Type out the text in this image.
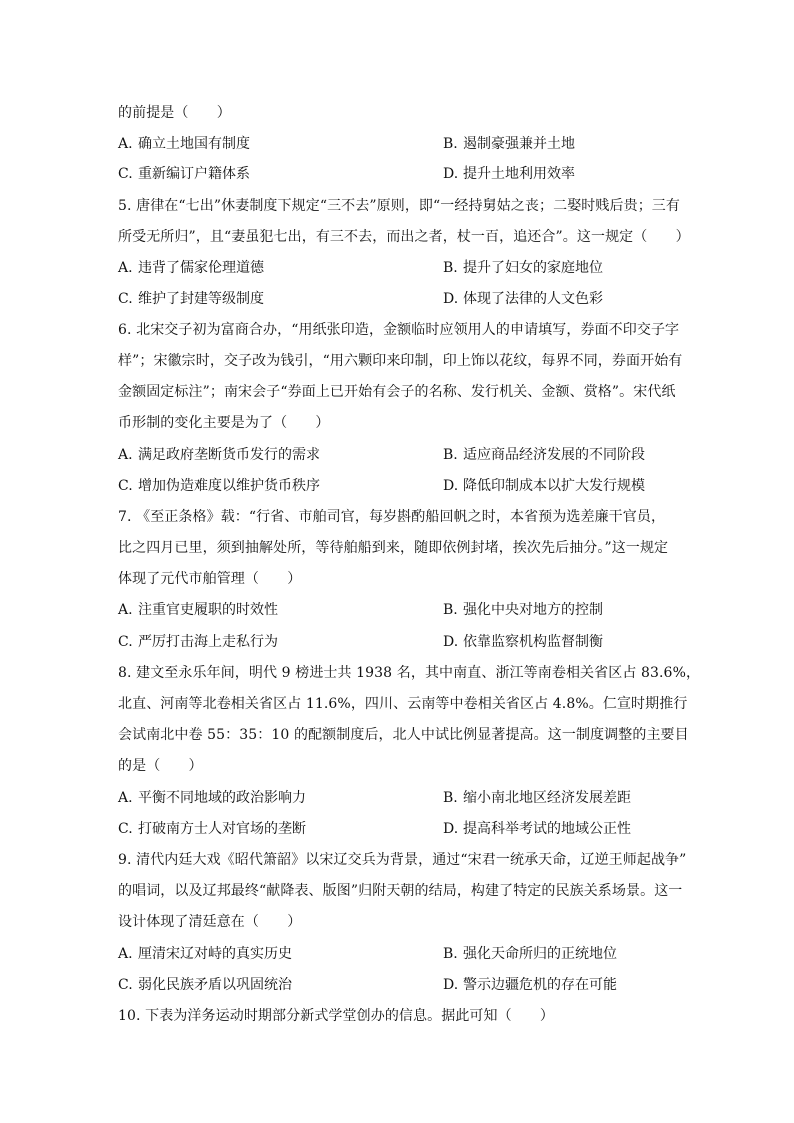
的前提是（　　）
A. 确立土地国有制度	B. 遏制豪强兼并土地
C. 重新编订户籍体系	D. 提升土地利用效率
5. 唐律在“七出”休妻制度下规定“三不去”原则，即“一经持舅姑之丧；二娶时贱后贵；三有
所受无所归”，且“妻虽犯七出，有三不去，而出之者，杖一百，追还合”。这一规定（　　）
A. 违背了儒家伦理道德	B. 提升了妇女的家庭地位
C. 维护了封建等级制度	D. 体现了法律的人文色彩
6. 北宋交子初为富商合办，“用纸张印造，金额临时应领用人的申请填写，券面不印交子字
样”；宋徽宗时，交子改为钱引，“用六颗印来印制，印上饰以花纹，每界不同，券面开始有
金额固定标注”；南宋会子“券面上已开始有会子的名称、发行机关、金额、赏格”。宋代纸
币形制的变化主要是为了（　　）
A. 满足政府垄断货币发行的需求	B. 适应商品经济发展的不同阶段
C. 增加伪造难度以维护货币秩序	D. 降低印制成本以扩大发行规模
7. 《至正条格》载：“行省、市舶司官，每岁斟酌船回帆之时，本省预为选差廉干官员，
比之四月已里，须到抽解处所，等待舶船到来，随即依例封堵，挨次先后抽分。”这一规定
体现了元代市舶管理（　　）
A. 注重官吏履职的时效性	B. 强化中央对地方的控制
C. 严厉打击海上走私行为	D. 依靠监察机构监督制衡
8. 建文至永乐年间，明代 9 榜进士共 1938 名，其中南直、浙江等南卷相关省区占 83.6%，
北直、河南等北卷相关省区占 11.6%，四川、云南等中卷相关省区占 4.8%。仁宣时期推行
会试南北中卷 55：35：10 的配额制度后，北人中试比例显著提高。这一制度调整的主要目
的是（　　）
A. 平衡不同地域的政治影响力	B. 缩小南北地区经济发展差距
C. 打破南方士人对官场的垄断	D. 提高科举考试的地域公正性
9. 清代内廷大戏《昭代箫韶》以宋辽交兵为背景，通过“宋君一统承天命，辽逆王师起战争”
的唱词，以及辽邦最终“献降表、版图”归附天朝的结局，构建了特定的民族关系场景。这一
设计体现了清廷意在（　　）
A. 厘清宋辽对峙的真实历史	B. 强化天命所归的正统地位
C. 弱化民族矛盾以巩固统治	D. 警示边疆危机的存在可能
10. 下表为洋务运动时期部分新式学堂创办的信息。据此可知（　　）
